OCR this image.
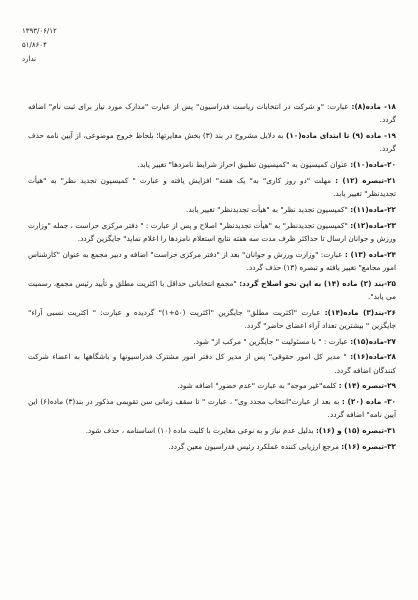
۱۳۹۳/۰۶/۱۲
۵۱/۸۶۰۴
ندارد

۱۸- ماده(۸): عبارت: "و شرکت در انتخابات ریاست فدراسیون" پس از عبارت "مدارک مورد نیاز برای ثبت نام" اضافه گردد.

۱۹- ماده (۹) تا ابتدای ماده(۱۰) به دلایل مشروح در بند (۳) بخش مغایرتها؛ بلحاظ خروج موضوعی، از آیین نامه حذف گردد.

۲۰-ماده(۱۰): عنوان کمیسیون به "کمیسیون تطبیق احراز شرایط نامزدها" تغییر یابد.

۲۱-تبصره (۱۲) : مهلت "دو روز کاری" به" یک هفته" افزایش یافته و عبارت " کمیسیون تجدید نظر" به "هیأت تجدیدنظر" تغییر یابد.

۲۲-ماده(۱۱): "کمیسیون تجدید نظر" به "هیأت تجدیدنظر" تغییر یابد.

۲۳-ماده(۱۲): "کمیسیون تجدیدنظر" به "هیأت تجدیدنظر" اصلاح و پس از عبارت : " دفتر مرکزی حراست ، جمله "وزارت ورزش و جوانان ارسال تا حداکثر ظرف مدت سه هفته نتایج استعلام نامزدها را اعلام نماید" جایگزین گردد.

۲۴-ماده (۱۳) : عبارت: "وزارت ورزش و جوانان" بعد از "دفتر مرکزی حراست" اضافه و دبیر مجمع به عنوان "کارشناس امور مجامع" تغییر یافته و تبصره (۱۳) حذف گردد.

۲۵-بند (۲) ماده (۱۴) به این نحو اصلاح گردد: "مجمع انتخاباتی حداقل با اکثریت مطلق و تأیید رئیس مجمع، رسمیت می یابد".

۲۶-بند(۳) ماده(۱۴): عبارت "اکثریت مطلق" جایگزین "اکثریت (۵۰+۱)" گردیده و عبارت: " اکثریت نسبی آراء" جایگزین " بیشترین تعداد آراء اعضای حاضر" گردد.

۲۷-ماده(۱۵): عبارت : " با مسئولیت " جایگزین " مرکب از" شود.

۲۸-ماده(۱۶): " مدیر کل امور حقوقی" پس از مدیر کل دفتر امور مشترک فدراسیونها و باشگاهها به اعضاء شرکت کنندگان اضافه گردد.

۲۹-تبصره (۱۴) : کلمه"غیر موجه" به عبارت "عدم حضور" اضافه شود.

۳۰- ماده (۲۰) : به بعد از عبارت"انتخاب مجدد وی" ، عبارت " تا سقف زمانی سن تقویمی مذکور در بند(۳) ماده(۶) این آیین نامه" اضافه گردد.

۳۱-تبصره (۱۵) و (۱۶): بدلیل عدم نیاز و به نوعی مغایرت با کلیت ماده (۱۰) اساسنامه ، حذف شود.

۳۲-تبصره (۱۶): مرجع ارزیابی کننده عملکرد رئیس فدراسیون معین گردد.
